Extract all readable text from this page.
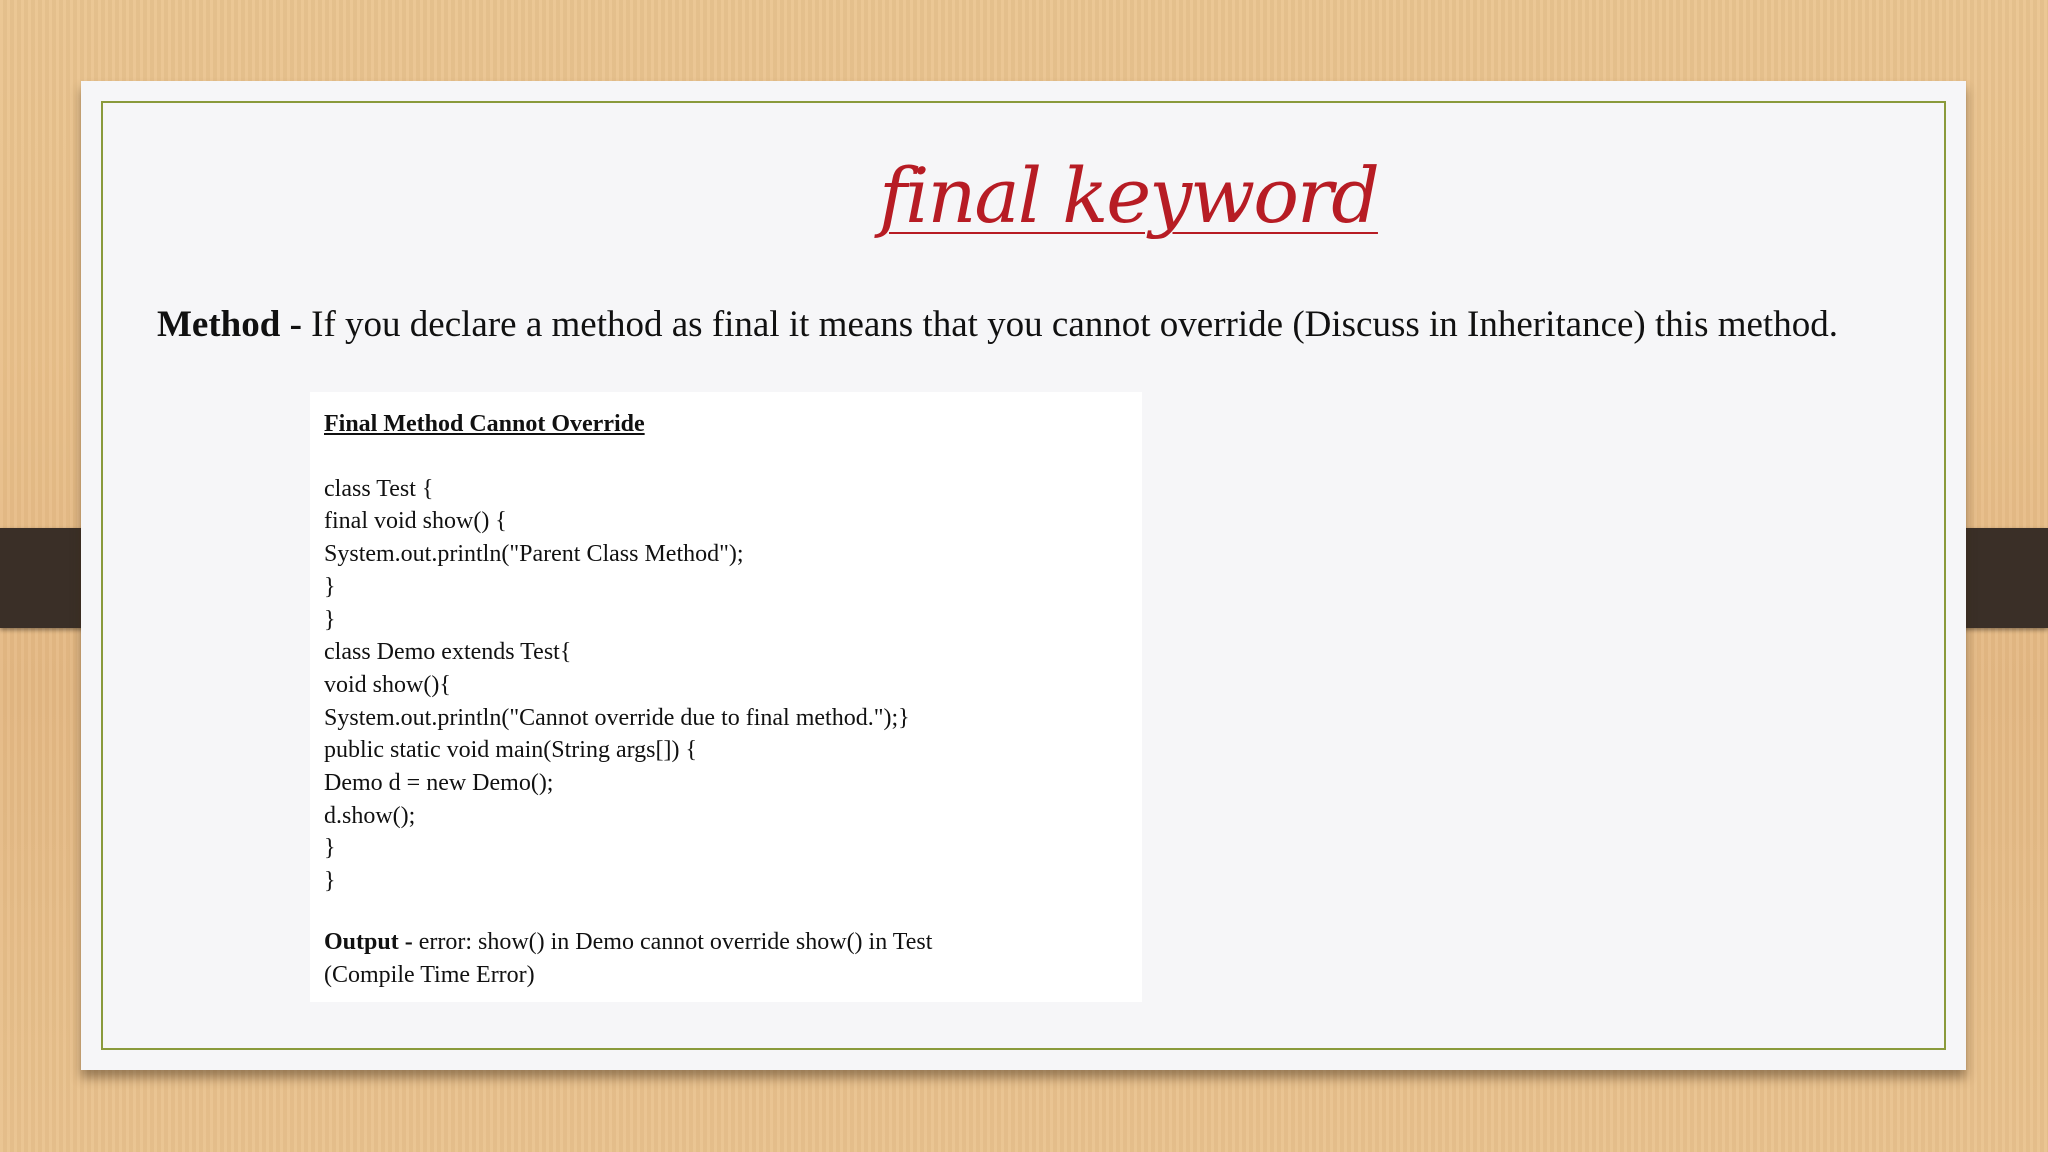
final keyword
Method - If you declare a method as final it means that you cannot override (Discuss in Inheritance) this method.
Final Method Cannot Override
class Test {
final void show() {
System.out.println("Parent Class Method");
}
}
class Demo extends Test{
void show(){
System.out.println("Cannot override due to final method.");}
public static void main(String args[]) {
Demo d = new Demo();
d.show();
}
}
Output - error: show() in Demo cannot override show() in Test
(Compile Time Error)
